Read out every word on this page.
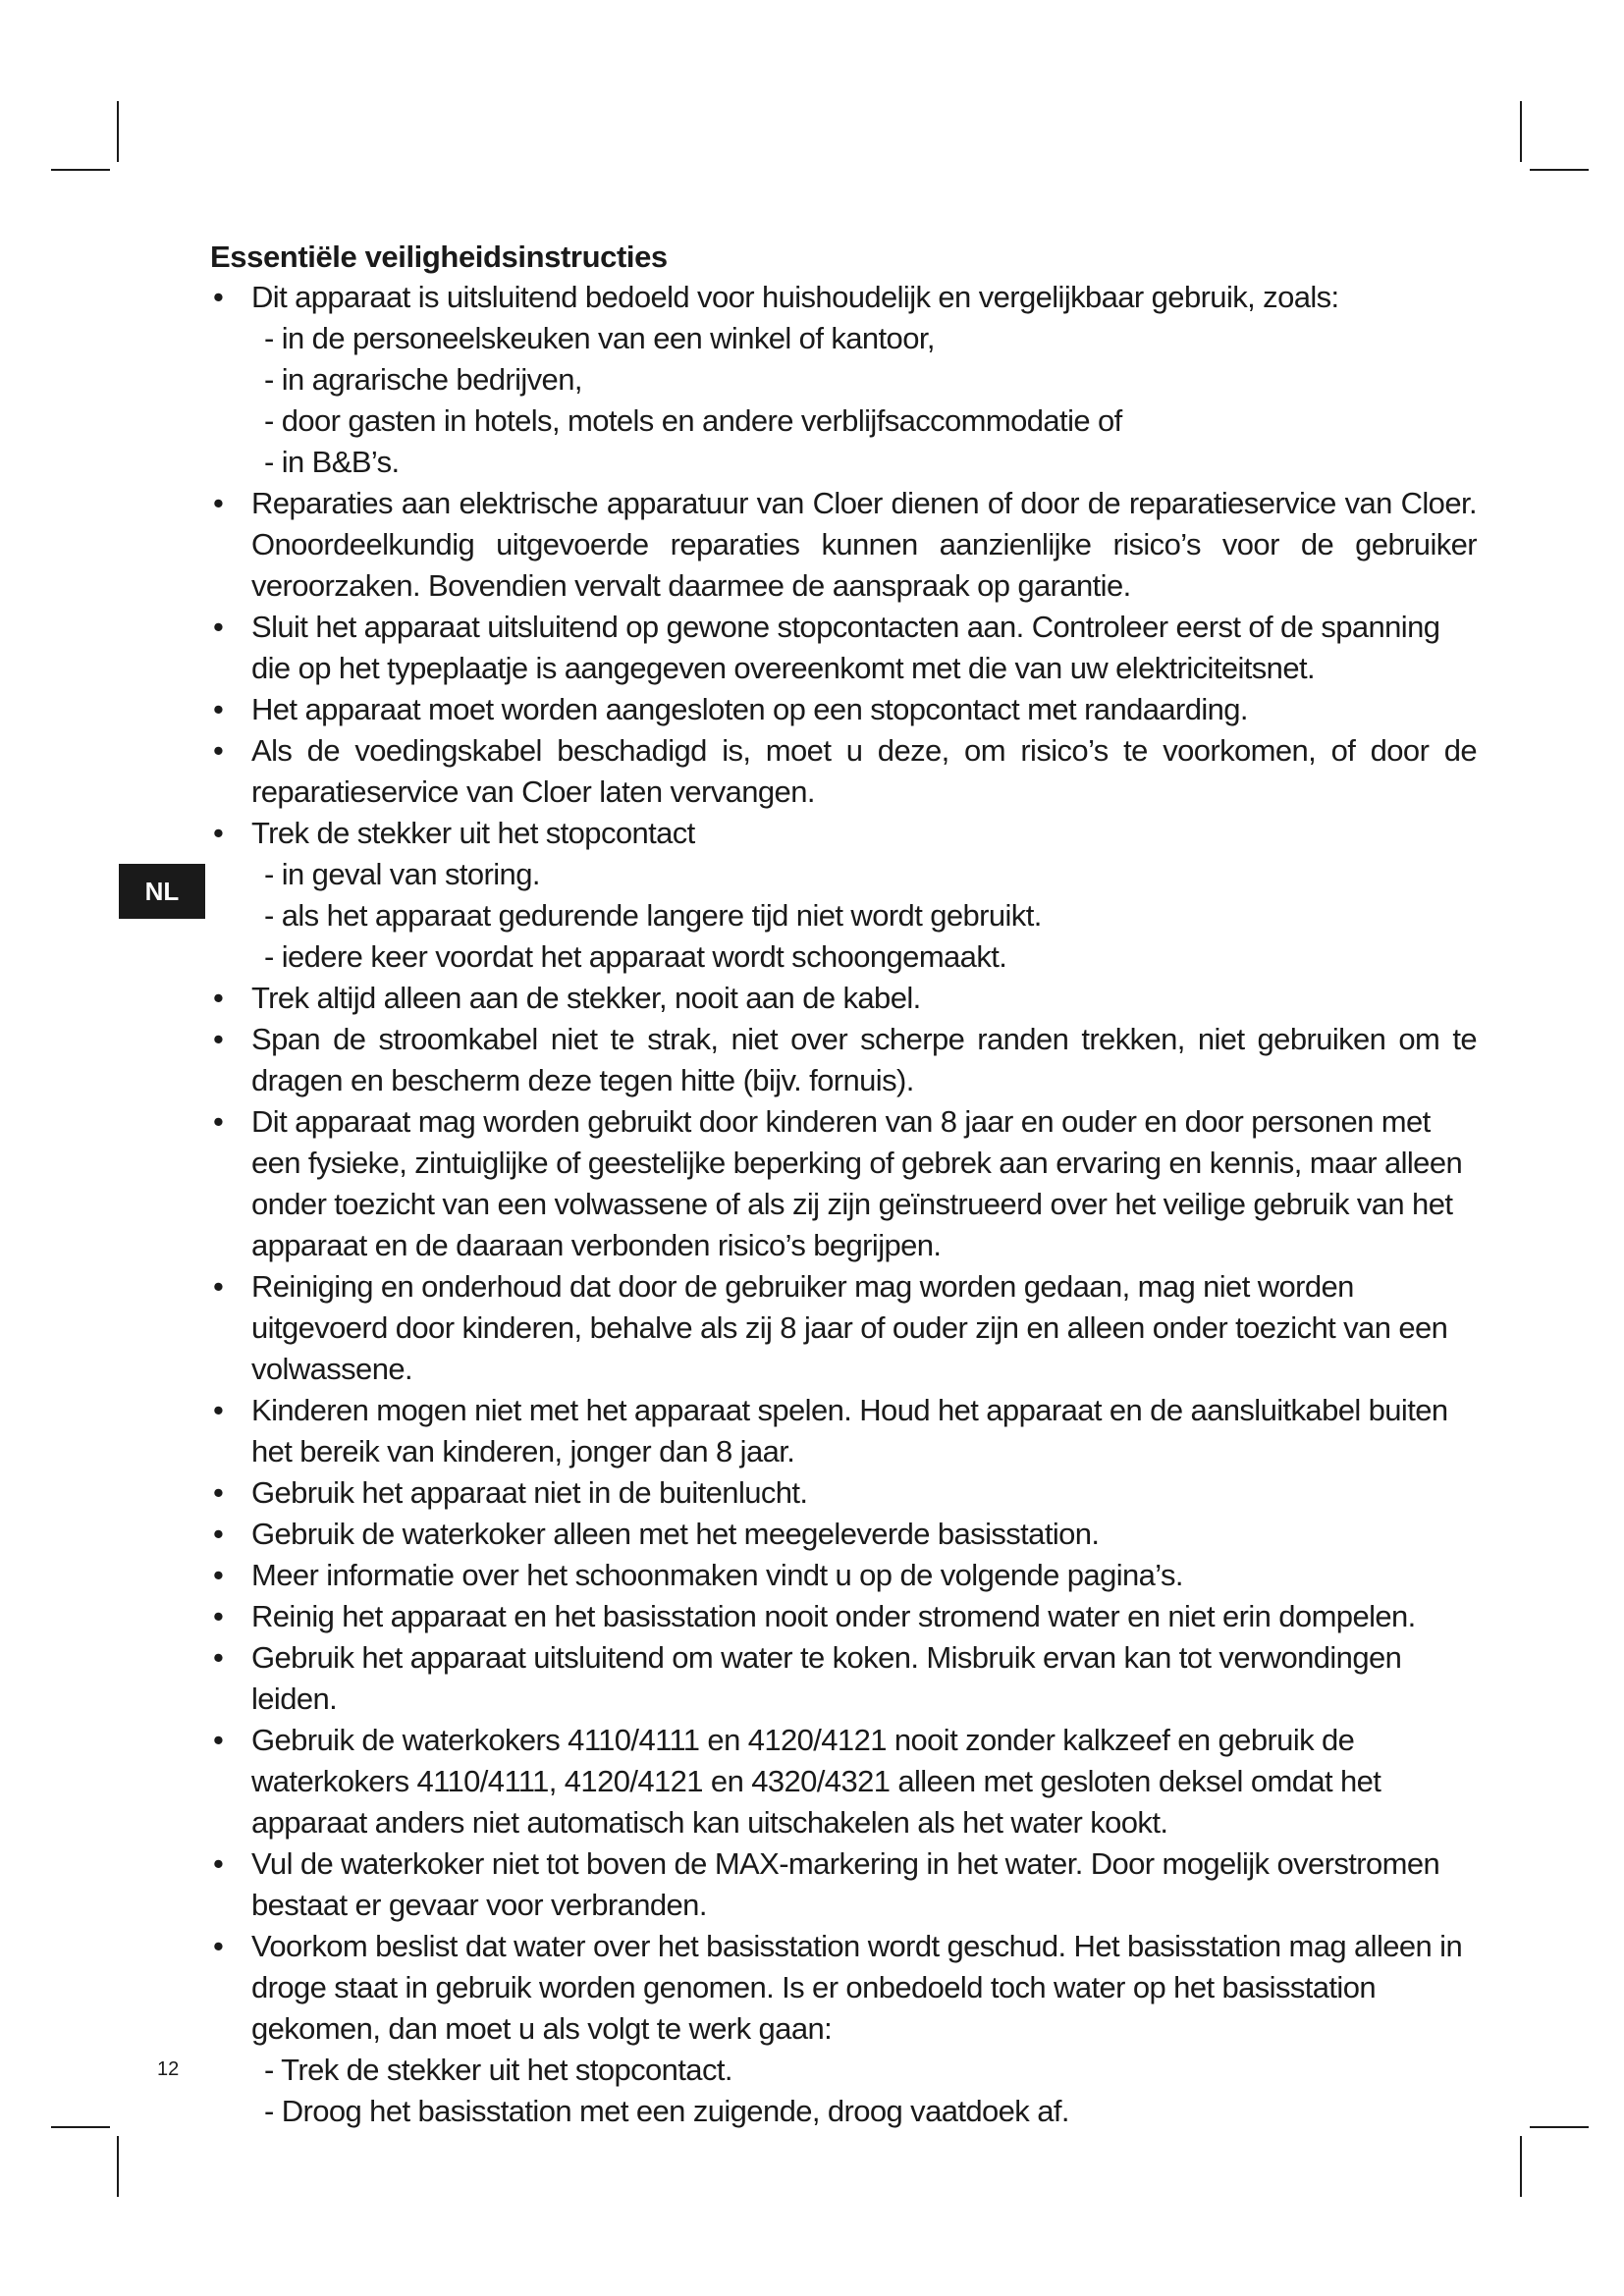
NL
Essentiële veiligheidsinstructies
• Dit apparaat is uitsluitend bedoeld voor huishoudelijk en vergelijkbaar gebruik, zoals:
- in de personeelskeuken van een winkel of kantoor,
- in agrarische bedrijven,
- door gasten in hotels, motels en andere verblijfsaccommodatie of
- in B&B’s.
• Reparaties aan elektrische apparatuur van Cloer dienen of door de reparatieservice van Cloer. Onoordeelkundig uitgevoerde reparaties kunnen aanzienlijke risico’s voor de gebruiker veroorzaken. Bovendien vervalt daarmee de aanspraak op garantie.
• Sluit het apparaat uitsluitend op gewone stopcontacten aan. Controleer eerst of de spanning die op het typeplaatje is aangegeven overeenkomt met die van uw elektriciteitsnet.
• Het apparaat moet worden aangesloten op een stopcontact met randaarding.
• Als de voedingskabel beschadigd is, moet u deze, om risico’s te voorkomen, of door de reparatieservice van Cloer laten vervangen.
• Trek de stekker uit het stopcontact
- in geval van storing.
- als het apparaat gedurende langere tijd niet wordt gebruikt.
- iedere keer voordat het apparaat wordt schoongemaakt.
• Trek altijd alleen aan de stekker, nooit aan de kabel.
• Span de stroomkabel niet te strak, niet over scherpe randen trekken, niet gebruiken om te dragen en bescherm deze tegen hitte (bijv. fornuis).
• Dit apparaat mag worden gebruikt door kinderen van 8 jaar en ouder en door personen met een fysieke, zintuiglijke of geestelijke beperking of gebrek aan ervaring en kennis, maar alleen onder toezicht van een volwassene of als zij zijn geïnstrueerd over het veilige gebruik van het apparaat en de daaraan verbonden risico’s begrijpen.
• Reiniging en onderhoud dat door de gebruiker mag worden gedaan, mag niet worden uitgevoerd door kinderen, behalve als zij 8 jaar of ouder zijn en alleen onder toezicht van een volwassene.
• Kinderen mogen niet met het apparaat spelen. Houd het apparaat en de aansluitkabel buiten het bereik van kinderen, jonger dan 8 jaar.
• Gebruik het apparaat niet in de buitenlucht.
• Gebruik de waterkoker alleen met het meegeleverde basisstation.
• Meer informatie over het schoonmaken vindt u op de volgende pagina’s.
• Reinig het apparaat en het basisstation nooit onder stromend water en niet erin dompelen.
• Gebruik het apparaat uitsluitend om water te koken. Misbruik ervan kan tot verwondingen leiden.
• Gebruik de waterkokers 4110/4111 en 4120/4121 nooit zonder kalkzeef en gebruik de waterkokers 4110/4111, 4120/4121 en 4320/4321 alleen met gesloten deksel omdat het apparaat anders niet automatisch kan uitschakelen als het water kookt.
• Vul de waterkoker niet tot boven de MAX-markering in het water. Door mogelijk overstromen bestaat er gevaar voor verbranden.
• Voorkom beslist dat water over het basisstation wordt geschud. Het basisstation mag alleen in droge staat in gebruik worden genomen. Is er onbedoeld toch water op het basisstation gekomen, dan moet u als volgt te werk gaan:
- Trek de stekker uit het stopcontact.
- Droog het basisstation met een zuigende, droog vaatdoek af.
12
